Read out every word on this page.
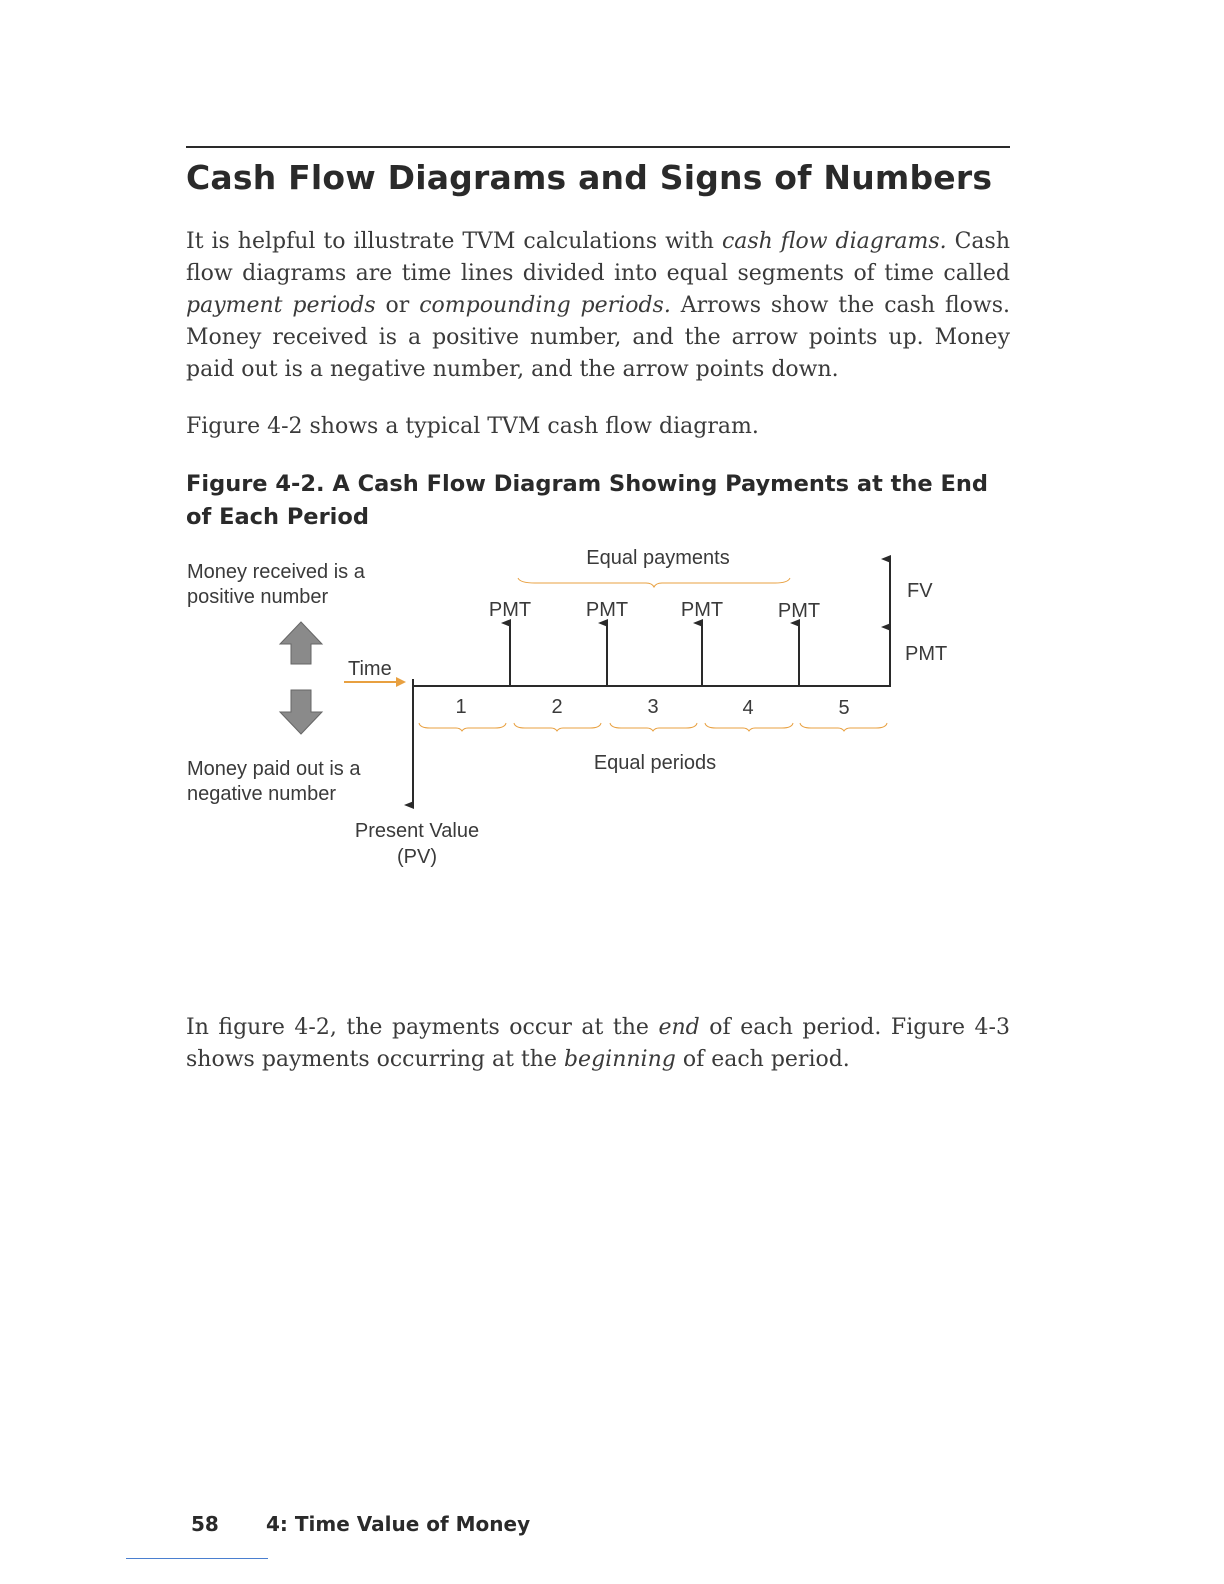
Cash Flow Diagrams and Signs of Numbers

It is helpful to illustrate TVM calculations with cash flow diagrams. Cash flow diagrams are time lines divided into equal segments of time called payment periods or compounding periods. Arrows show the cash flows. Money received is a positive number, and the arrow points up. Money paid out is a negative number, and the arrow points down.

Figure 4-2 shows a typical TVM cash flow diagram.

Figure 4-2. A Cash Flow Diagram Showing Payments at the End of Each Period

Money received is a
positive number
Money paid out is a
negative number
Time
PMT	PMT	PMT	PMT
FV
PMT
Equal payments
1	2	3	4	5
Equal periods
Present Value
(PV)

In figure 4-2, the payments occur at the end of each period. Figure 4-3 shows payments occurring at the beginning of each period.

58 4: Time Value of Money
